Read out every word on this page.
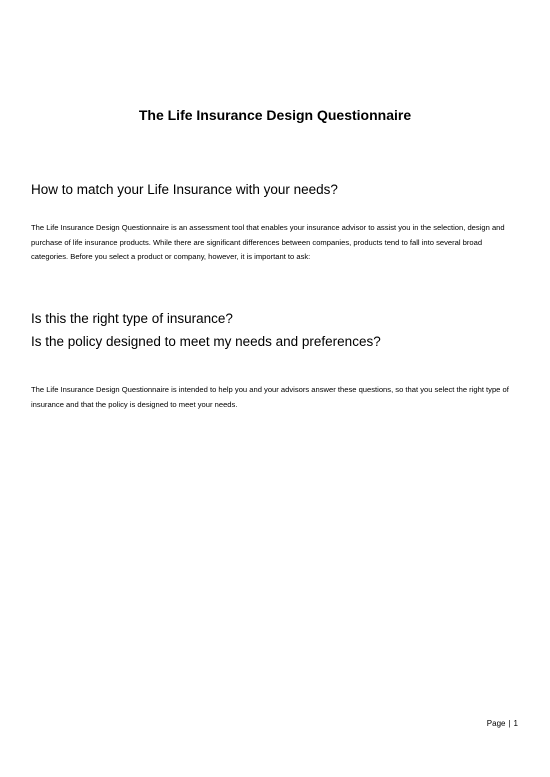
The Life Insurance Design Questionnaire
How to match your Life Insurance with your needs?

The Life Insurance Design Questionnaire is an assessment tool that enables your insurance advisor to assist you in the selection, design and purchase of life insurance products. While there are significant differences between companies, products tend to fall into several broad categories. Before you select a product or company, however, it is important to ask:

Is this the right type of insurance?
Is the policy designed to meet my needs and preferences?

The Life Insurance Design Questionnaire is intended to help you and your advisors answer these questions, so that you select the right type of insurance and that the policy is designed to meet your needs.

Page | 1
